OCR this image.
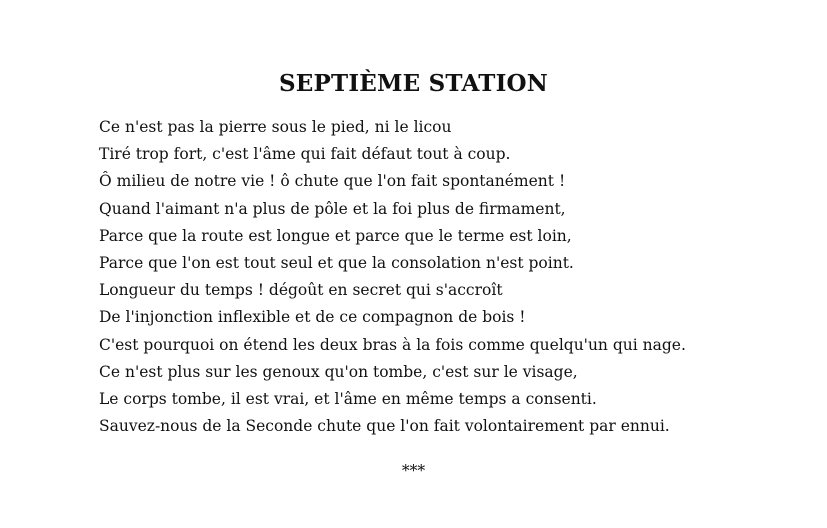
SEPTIÈME STATION
Ce n'est pas la pierre sous le pied, ni le licou
Tiré trop fort, c'est l'âme qui fait défaut tout à coup.
Ô milieu de notre vie ! ô chute que l'on fait spontanément !
Quand l'aimant n'a plus de pôle et la foi plus de firmament,
Parce que la route est longue et parce que le terme est loin,
Parce que l'on est tout seul et que la consolation n'est point.
Longueur du temps ! dégoût en secret qui s'accroît
De l'injonction inflexible et de ce compagnon de bois !
C'est pourquoi on étend les deux bras à la fois comme quelqu'un qui nage.
Ce n'est plus sur les genoux qu'on tombe, c'est sur le visage,
Le corps tombe, il est vrai, et l'âme en même temps a consenti.
Sauvez-nous de la Seconde chute que l'on fait volontairement par ennui.
***
